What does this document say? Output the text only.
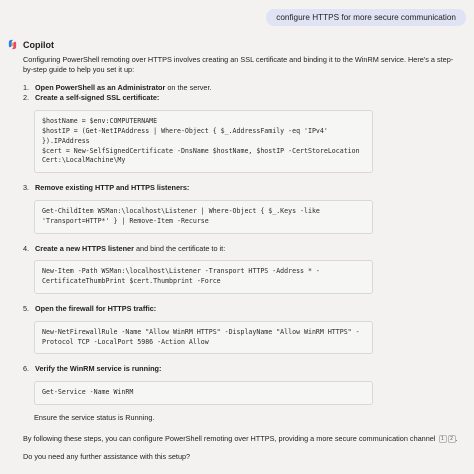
configure HTTPS for more secure communication
Copilot

Configuring PowerShell remoting over HTTPS involves creating an SSL certificate and binding it to the WinRM service. Here's a step-by-step guide to help you set it up:

1. Open PowerShell as an Administrator on the server.
2. Create a self-signed SSL certificate:
$hostName = $env:COMPUTERNAME
$hostIP = (Get-NetIPAddress | Where-Object { $_.AddressFamily -eq 'IPv4'
}).IPAddress
$cert = New-SelfSignedCertificate -DnsName $hostName, $hostIP -CertStoreLocation
Cert:\LocalMachine\My
3. Remove existing HTTP and HTTPS listeners:
Get-ChildItem WSMan:\localhost\Listener | Where-Object { $_.Keys -like
'Transport=HTTP*' } | Remove-Item -Recurse
4. Create a new HTTPS listener and bind the certificate to it:
New-Item -Path WSMan:\localhost\Listener -Transport HTTPS -Address * -
CertificateThumbPrint $cert.Thumbprint -Force
5. Open the firewall for HTTPS traffic:
New-NetFirewallRule -Name "Allow WinRM HTTPS" -DisplayName "Allow WinRM HTTPS" -
Protocol TCP -LocalPort 5986 -Action Allow
6. Verify the WinRM service is running:
Get-Service -Name WinRM
Ensure the service status is Running.

By following these steps, you can configure PowerShell remoting over HTTPS, providing a more secure communication channel 1 2 .

Do you need any further assistance with this setup?
